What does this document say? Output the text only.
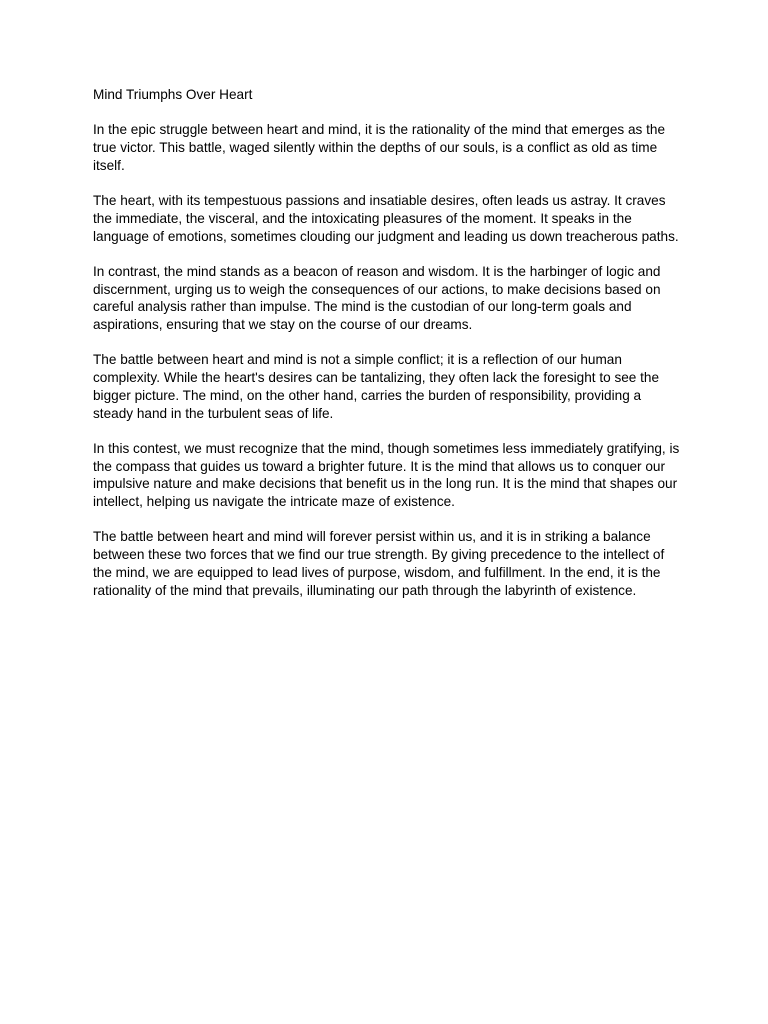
Mind Triumphs Over Heart

In the epic struggle between heart and mind, it is the rationality of the mind that emerges as the true victor. This battle, waged silently within the depths of our souls, is a conflict as old as time itself.

The heart, with its tempestuous passions and insatiable desires, often leads us astray. It craves the immediate, the visceral, and the intoxicating pleasures of the moment. It speaks in the language of emotions, sometimes clouding our judgment and leading us down treacherous paths.

In contrast, the mind stands as a beacon of reason and wisdom. It is the harbinger of logic and discernment, urging us to weigh the consequences of our actions, to make decisions based on careful analysis rather than impulse. The mind is the custodian of our long-term goals and aspirations, ensuring that we stay on the course of our dreams.

The battle between heart and mind is not a simple conflict; it is a reflection of our human complexity. While the heart's desires can be tantalizing, they often lack the foresight to see the bigger picture. The mind, on the other hand, carries the burden of responsibility, providing a steady hand in the turbulent seas of life.

In this contest, we must recognize that the mind, though sometimes less immediately gratifying, is the compass that guides us toward a brighter future. It is the mind that allows us to conquer our impulsive nature and make decisions that benefit us in the long run. It is the mind that shapes our intellect, helping us navigate the intricate maze of existence.

The battle between heart and mind will forever persist within us, and it is in striking a balance between these two forces that we find our true strength. By giving precedence to the intellect of the mind, we are equipped to lead lives of purpose, wisdom, and fulfillment. In the end, it is the rationality of the mind that prevails, illuminating our path through the labyrinth of existence.
